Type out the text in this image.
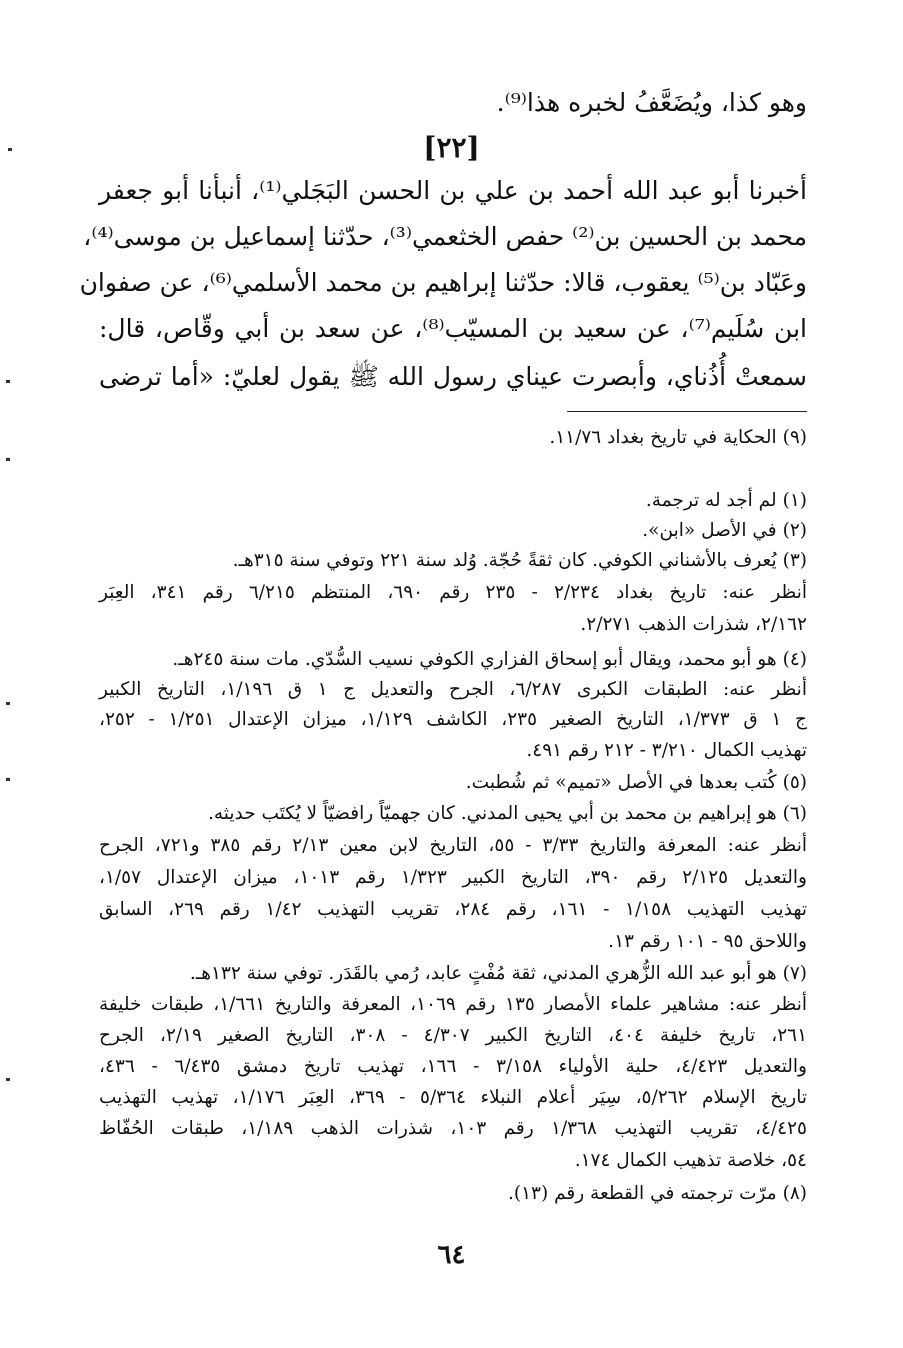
وهو كذا، ويُضَعَّفُ لخبره هذا⁽⁹⁾.
[٢٢]
أخبرنا أبو عبد الله أحمد بن علي بن الحسن البَجَلي⁽¹⁾، أنبأنا أبو جعفر
محمد بن الحسين بن⁽²⁾ حفص الخثعمي⁽³⁾، حدّثنا إسماعيل بن موسى⁽⁴⁾،
وعَبّاد بن⁽⁵⁾ يعقوب، قالا: حدّثنا إبراهيم بن محمد الأسلمي⁽⁶⁾، عن صفوان
ابن سُلَيم⁽⁷⁾، عن سعيد بن المسيّب⁽⁸⁾، عن سعد بن أبي وقّاص، قال:
سمعتْ أُذُناي، وأبصرت عيناي رسول الله ﷺ يقول لعليّ: «أما ترضى
(٩)الحكاية في تاريخ بغداد ١١/٧٦.
(١)لم أجد له ترجمة.
(٢)في الأصل «ابن».
(٣)يُعرف بالأشناني الكوفي. كان ثقةً حُجّة. وُلد سنة ٢٢١ وتوفي سنة ٣١٥هـ.
أنظر عنه: تاريخ بغداد ٢/٢٣٤ - ٢٣٥ رقم ٦٩٠، المنتظم ٦/٢١٥ رقم ٣٤١، العِبَر
٢/١٦٢، شذرات الذهب ٢/٢٧١.
(٤)هو أبو محمد، ويقال أبو إسحاق الفزاري الكوفي نسيب السُّدّي. مات سنة ٢٤٥هـ.
أنظر عنه: الطبقات الكبرى ٦/٢٨٧، الجرح والتعديل ج ١ ق ١/١٩٦، التاريخ الكبير
ج ١ ق ١/٣٧٣، التاريخ الصغير ٢٣٥، الكاشف ١/١٢٩، ميزان الإعتدال ١/٢٥١ - ٢٥٢،
تهذيب الكمال ٣/٢١٠ - ٢١٢ رقم ٤٩١.
(٥)كُتب بعدها في الأصل «تميم» ثم شُطبت.
(٦)هو إبراهيم بن محمد بن أبي يحيى المدني. كان جهميّاً رافضيّاً لا يُكتَب حديثه.
أنظر عنه: المعرفة والتاريخ ٣/٣٣ - ٥٥، التاريخ لابن معين ٢/١٣ رقم ٣٨٥ و٧٢١، الجرح
والتعديل ٢/١٢٥ رقم ٣٩٠، التاريخ الكبير ١/٣٢٣ رقم ١٠١٣، ميزان الإعتدال ١/٥٧،
تهذيب التهذيب ١/١٥٨ - ١٦١، رقم ٢٨٤، تقريب التهذيب ١/٤٢ رقم ٢٦٩، السابق
واللاحق ٩٥ - ١٠١ رقم ١٣.
(٧)هو أبو عبد الله الزُّهري المدني، ثقة مُفْتٍ عابد، رُمي بالقَدَر. توفي سنة ١٣٢هـ.
أنظر عنه: مشاهير علماء الأمصار ١٣٥ رقم ١٠٦٩، المعرفة والتاريخ ١/٦٦١، طبقات خليفة
٢٦١، تاريخ خليفة ٤٠٤، التاريخ الكبير ٤/٣٠٧ - ٣٠٨، التاريخ الصغير ٢/١٩، الجرح
والتعديل ٤/٤٢٣، حلية الأولياء ٣/١٥٨ - ١٦٦، تهذيب تاريخ دمشق ٦/٤٣٥ - ٤٣٦،
تاريخ الإسلام ٥/٢٦٢، سِيَر أعلام النبلاء ٥/٣٦٤ - ٣٦٩، العِبَر ١/١٧٦، تهذيب التهذيب
٤/٤٢٥، تقريب التهذيب ١/٣٦٨ رقم ١٠٣، شذرات الذهب ١/١٨٩، طبقات الحُفّاظ
٥٤، خلاصة تذهيب الكمال ١٧٤.
(٨)مرّت ترجمته في القطعة رقم (١٣).
٦٤
